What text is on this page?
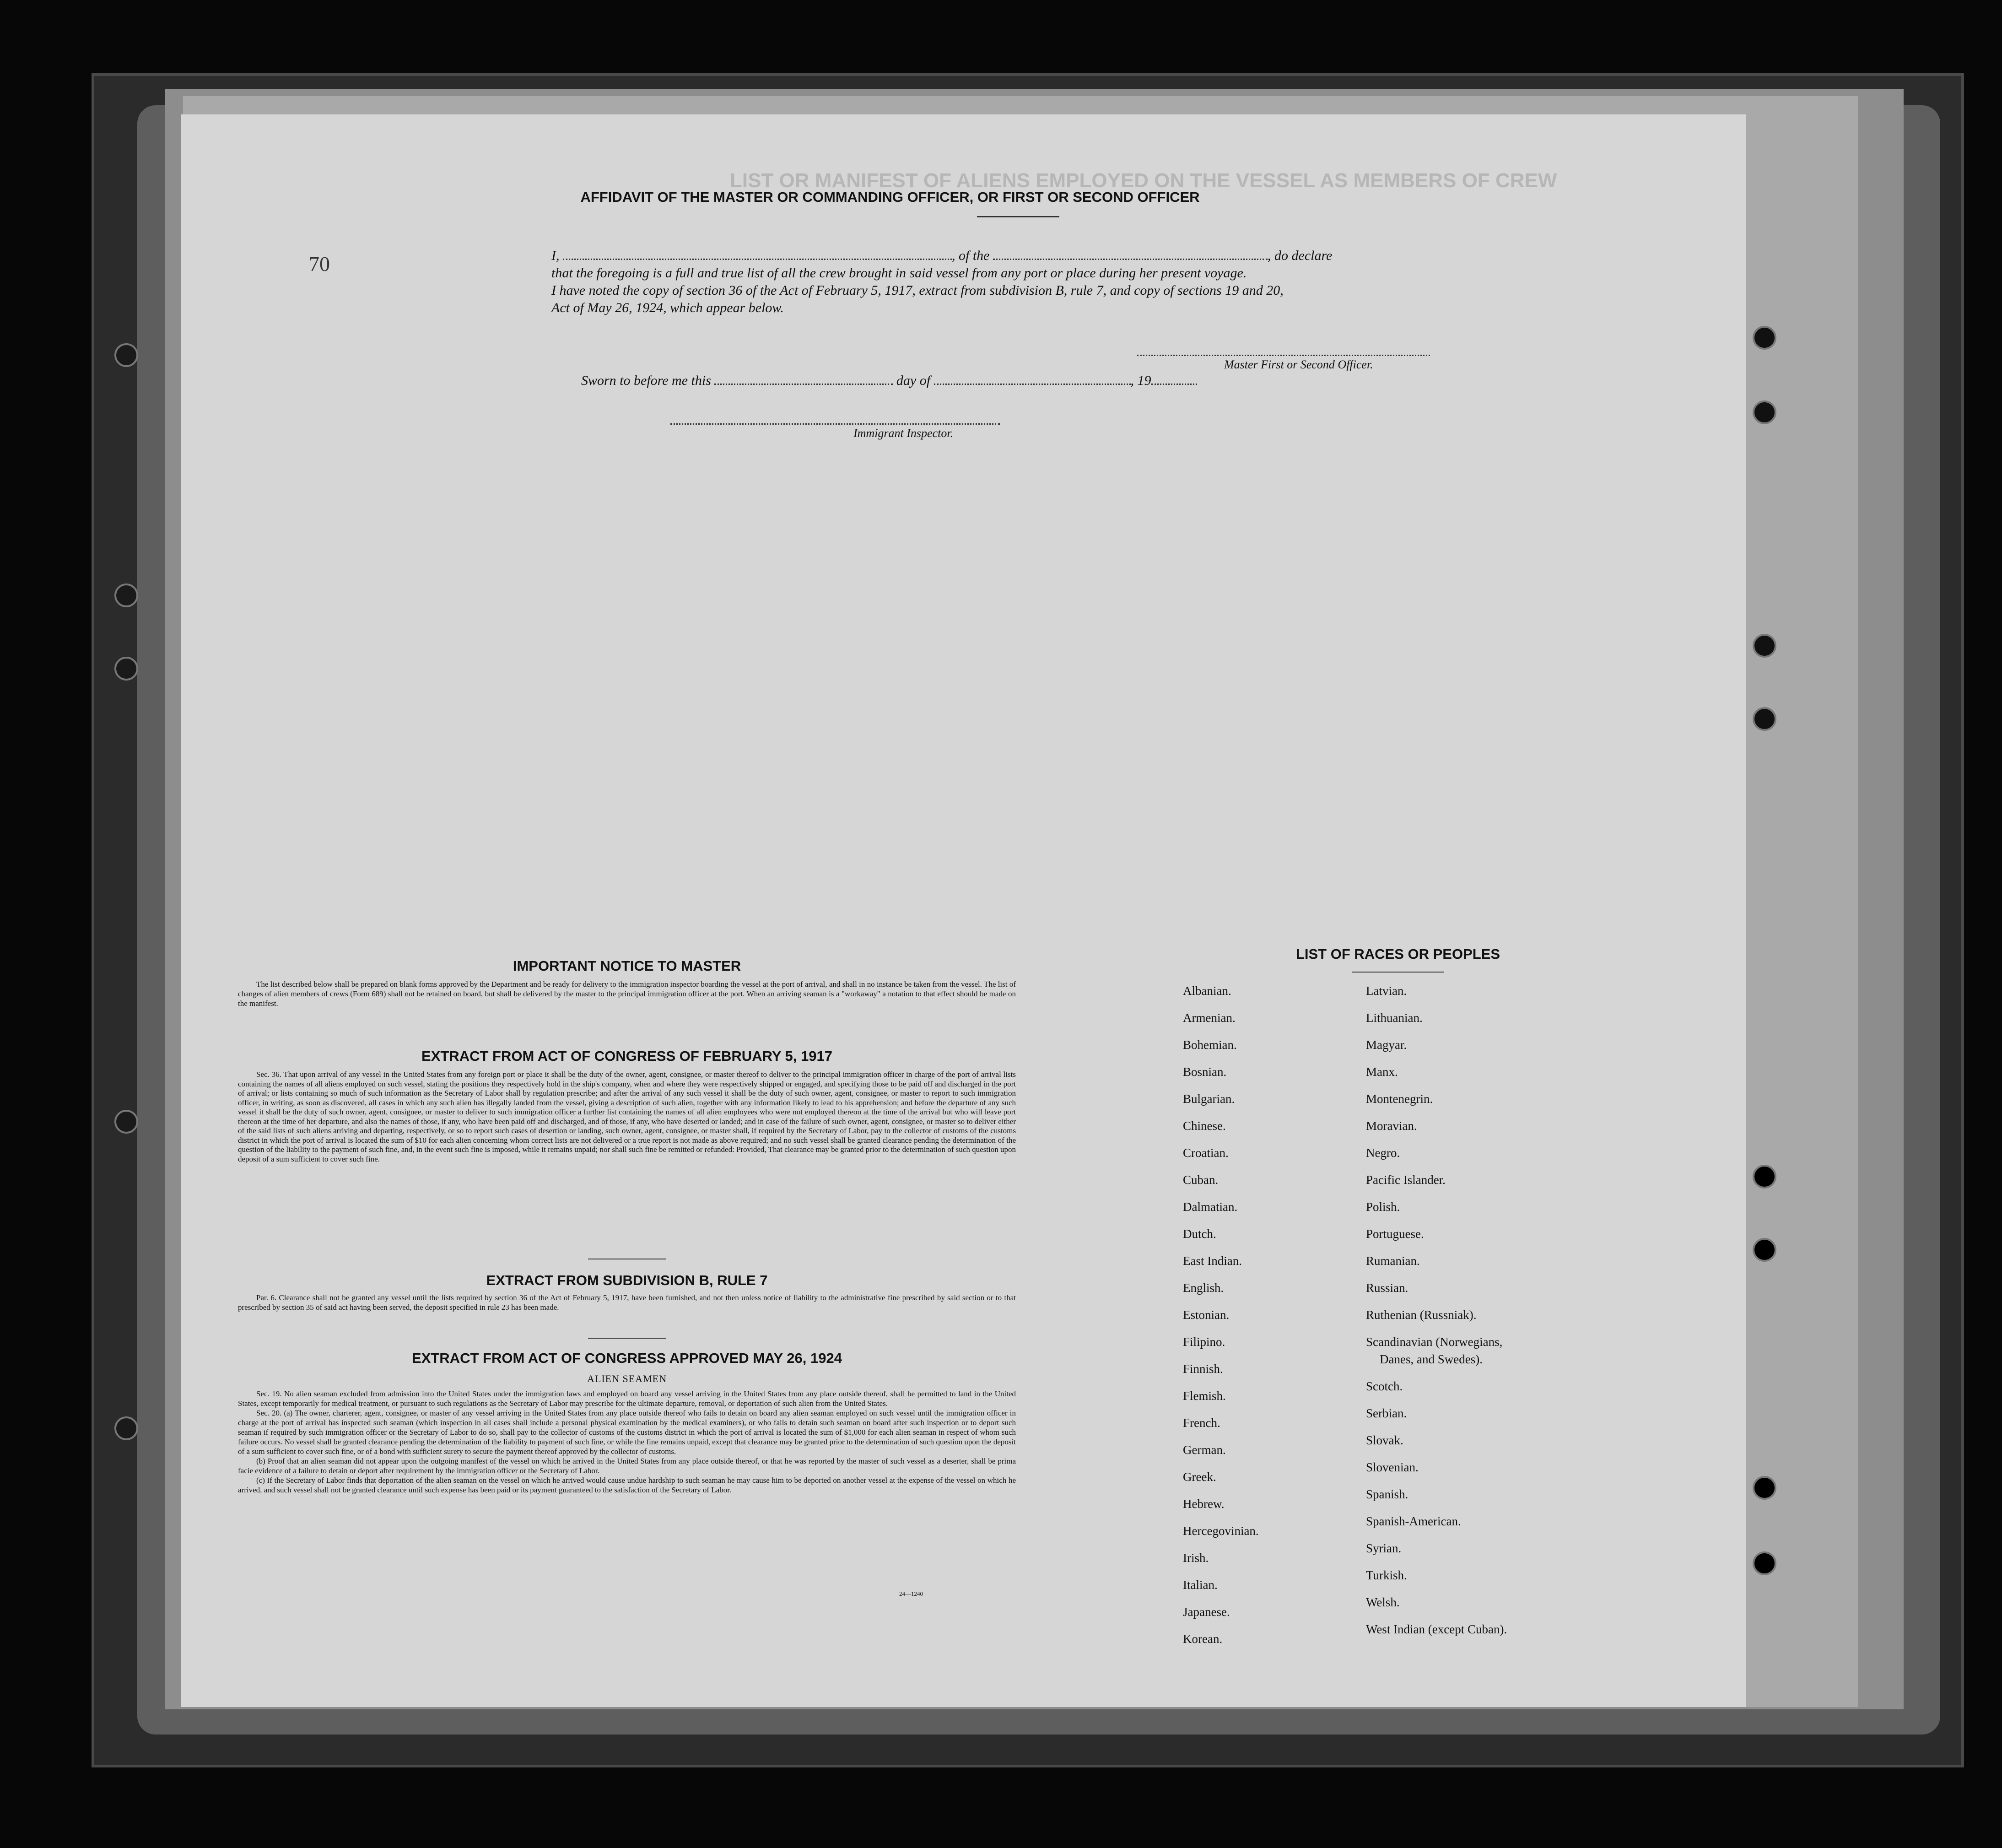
LIST OR MANIFEST OF ALIENS EMPLOYED ON THE VESSEL AS MEMBERS OF CREW
70
AFFIDAVIT OF THE MASTER OR COMMANDING OFFICER, OR FIRST OR SECOND OFFICER
I,	, of the	, do declare
that the foregoing is a full and true list of all the crew brought in said vessel from any port or place during her present voyage.
I have noted the copy of section 36 of the Act of February 5, 1917, extract from subdivision B, rule 7, and copy of sections 19 and 20,
Act of May 26, 1924, which appear below.
Master First or Second Officer.
Sworn to before me this	day of	, 19
Immigrant Inspector.
IMPORTANT NOTICE TO MASTER
The list described below shall be prepared on blank forms approved by the Department and be ready for delivery to the immigration inspector boarding the vessel at the port of arrival, and shall in no instance be taken from the vessel. The list of changes of alien members of crews (Form 689) shall not be retained on board, but shall be delivered by the master to the principal immigration officer at the port. When an arriving seaman is a "workaway" a notation to that effect should be made on the manifest.
EXTRACT FROM ACT OF CONGRESS OF FEBRUARY 5, 1917
Sec. 36. That upon arrival of any vessel in the United States from any foreign port or place it shall be the duty of the owner, agent, consignee, or master thereof to deliver to the principal immigration officer in charge of the port of arrival lists containing the names of all aliens employed on such vessel, stating the positions they respectively hold in the ship's company, when and where they were respectively shipped or engaged, and specifying those to be paid off and discharged in the port of arrival; or lists containing so much of such information as the Secretary of Labor shall by regulation prescribe; and after the arrival of any such vessel it shall be the duty of such owner, agent, consignee, or master to report to such immigration officer, in writing, as soon as discovered, all cases in which any such alien has illegally landed from the vessel, giving a description of such alien, together with any information likely to lead to his apprehension; and before the departure of any such vessel it shall be the duty of such owner, agent, consignee, or master to deliver to such immigration officer a further list containing the names of all alien employees who were not employed thereon at the time of the arrival but who will leave port thereon at the time of her departure, and also the names of those, if any, who have been paid off and discharged, and of those, if any, who have deserted or landed; and in case of the failure of such owner, agent, consignee, or master so to deliver either of the said lists of such aliens arriving and departing, respectively, or so to report such cases of desertion or landing, such owner, agent, consignee, or master shall, if required by the Secretary of Labor, pay to the collector of customs of the customs district in which the port of arrival is located the sum of $10 for each alien concerning whom correct lists are not delivered or a true report is not made as above required; and no such vessel shall be granted clearance pending the determination of the question of the liability to the payment of such fine, and, in the event such fine is imposed, while it remains unpaid; nor shall such fine be remitted or refunded: Provided, That clearance may be granted prior to the determination of such question upon deposit of a sum sufficient to cover such fine.
EXTRACT FROM SUBDIVISION B, RULE 7
Par. 6. Clearance shall not be granted any vessel until the lists required by section 36 of the Act of February 5, 1917, have been furnished, and not then unless notice of liability to the administrative fine prescribed by said section or to that prescribed by section 35 of said act having been served, the deposit specified in rule 23 has been made.
EXTRACT FROM ACT OF CONGRESS APPROVED MAY 26, 1924
ALIEN SEAMEN
Sec. 19. No alien seaman excluded from admission into the United States under the immigration laws and employed on board any vessel arriving in the United States from any place outside thereof, shall be permitted to land in the United States, except temporarily for medical treatment, or pursuant to such regulations as the Secretary of Labor may prescribe for the ultimate departure, removal, or deportation of such alien from the United States.
Sec. 20. (a) The owner, charterer, agent, consignee, or master of any vessel arriving in the United States from any place outside thereof who fails to detain on board any alien seaman employed on such vessel until the immigration officer in charge at the port of arrival has inspected such seaman (which inspection in all cases shall include a personal physical examination by the medical examiners), or who fails to detain such seaman on board after such inspection or to deport such seaman if required by such immigration officer or the Secretary of Labor to do so, shall pay to the collector of customs of the customs district in which the port of arrival is located the sum of $1,000 for each alien seaman in respect of whom such failure occurs. No vessel shall be granted clearance pending the determination of the liability to payment of such fine, or while the fine remains unpaid, except that clearance may be granted prior to the determination of such question upon the deposit of a sum sufficient to cover such fine, or of a bond with sufficient surety to secure the payment thereof approved by the collector of customs.
(b) Proof that an alien seaman did not appear upon the outgoing manifest of the vessel on which he arrived in the United States from any place outside thereof, or that he was reported by the master of such vessel as a deserter, shall be prima facie evidence of a failure to detain or deport after requirement by the immigration officer or the Secretary of Labor.
(c) If the Secretary of Labor finds that deportation of the alien seaman on the vessel on which he arrived would cause undue hardship to such seaman he may cause him to be deported on another vessel at the expense of the vessel on which he arrived, and such vessel shall not be granted clearance until such expense has been paid or its payment guaranteed to the satisfaction of the Secretary of Labor.
24—1240
LIST OF RACES OR PEOPLES
Albanian.
Armenian.
Bohemian.
Bosnian.
Bulgarian.
Chinese.
Croatian.
Cuban.
Dalmatian.
Dutch.
East Indian.
English.
Estonian.
Filipino.
Finnish.
Flemish.
French.
German.
Greek.
Hebrew.
Hercegovinian.
Irish.
Italian.
Japanese.
Korean.
Latvian.
Lithuanian.
Magyar.
Manx.
Montenegrin.
Moravian.
Negro.
Pacific Islander.
Polish.
Portuguese.
Rumanian.
Russian.
Ruthenian (Russniak).
Scandinavian (Norwegians,
Danes, and Swedes).
Scotch.
Serbian.
Slovak.
Slovenian.
Spanish.
Spanish-American.
Syrian.
Turkish.
Welsh.
West Indian (except Cuban).
